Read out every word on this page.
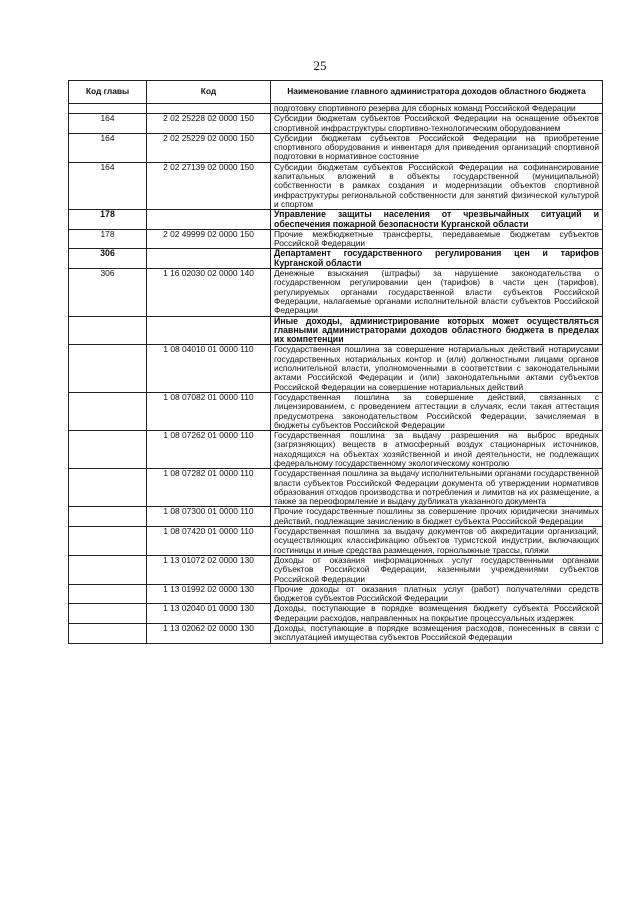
25
Код главы	Код	Наименование главного администратора доходов областного бюджета
		подготовку спортивного резерва для сборных команд Российской Федерации
164	2 02 25228 02 0000 150	Субсидии бюджетам субъектов Российской Федерации на оснащение объектов спортивной инфраструктуры спортивно-технологическим оборудованием
164	2 02 25229 02 0000 150	Субсидии бюджетам субъектов Российской Федерации на приобретение спортивного оборудования и инвентаря для приведения организаций спортивной подготовки в нормативное состояние
164	2 02 27139 02 0000 150	Субсидии бюджетам субъектов Российской Федерации на софинансирование капитальных вложений в объекты государственной (муниципальной) собственности в рамках создания и модернизации объектов спортивной инфраструктуры региональной собственности для занятий физической культурой и спортом
178		Управление защиты населения от чрезвычайных ситуаций и обеспечения пожарной безопасности Курганской области
178	2 02 49999 02 0000 150	Прочие межбюджетные трансферты, передаваемые бюджетам субъектов Российской Федерации
306		Департамент государственного регулирования цен и тарифов Курганской области
306	1 16 02030 02 0000 140	Денежные взыскания (штрафы) за нарушение законодательства о государственном регулировании цен (тарифов) в части цен (тарифов), регулируемых органами государственной власти субъектов Российской Федерации, налагаемые органами исполнительной власти субъектов Российской Федерации
		Иные доходы, администрирование которых может осуществляться главными администраторами доходов областного бюджета в пределах их компетенции
	1 08 04010 01 0000 110	Государственная пошлина за совершение нотариальных действий нотариусами государственных нотариальных контор и (или) должностными лицами органов исполнительной власти, уполномоченными в соответствии с законодательными актами Российской Федерации и (или) законодательными актами субъектов Российской Федерации на совершение нотариальных действий
	1 08 07082 01 0000 110	Государственная пошлина за совершение действий, связанных с лицензированием, с проведением аттестации в случаях, если такая аттестация предусмотрена законодательством Российской Федерации, зачисляемая в бюджеты субъектов Российской Федерации
	1 08 07262 01 0000 110	Государственная пошлина за выдачу разрешения на выброс вредных (загрязняющих) веществ в атмосферный воздух стационарных источников, находящихся на объектах хозяйственной и иной деятельности, не подлежащих федеральному государственному экологическому контролю
	1 08 07282 01 0000 110	Государственная пошлина за выдачу исполнительными органами государственной власти субъектов Российской Федерации документа об утверждении нормативов образования отходов производства и потребления и лимитов на их размещение, а также за переоформление и выдачу дубликата указанного документа
	1 08 07300 01 0000 110	Прочие государственные пошлины за совершение прочих юридически значимых действий, подлежащие зачислению в бюджет субъекта Российской Федерации
	1 08 07420 01 0000 110	Государственная пошлина за выдачу документов об аккредитации организаций, осуществляющих классификацию объектов туристской индустрии, включающих гостиницы и иные средства размещения, горнолыжные трассы, пляжи
	1 13 01072 02 0000 130	Доходы от оказания информационных услуг государственными органами субъектов Российской Федерации, казенными учреждениями субъектов Российской Федерации
	1 13 01992 02 0000 130	Прочие доходы от оказания платных услуг (работ) получателями средств бюджетов субъектов Российской Федерации
	1 13 02040 01 0000 130	Доходы, поступающие в порядке возмещения бюджету субъекта Российской Федерации расходов, направленных на покрытие процессуальных издержек
	1 13 02062 02 0000 130	Доходы, поступающие в порядке возмещения расходов, понесенных в связи с эксплуатацией имущества субъектов Российской Федерации
